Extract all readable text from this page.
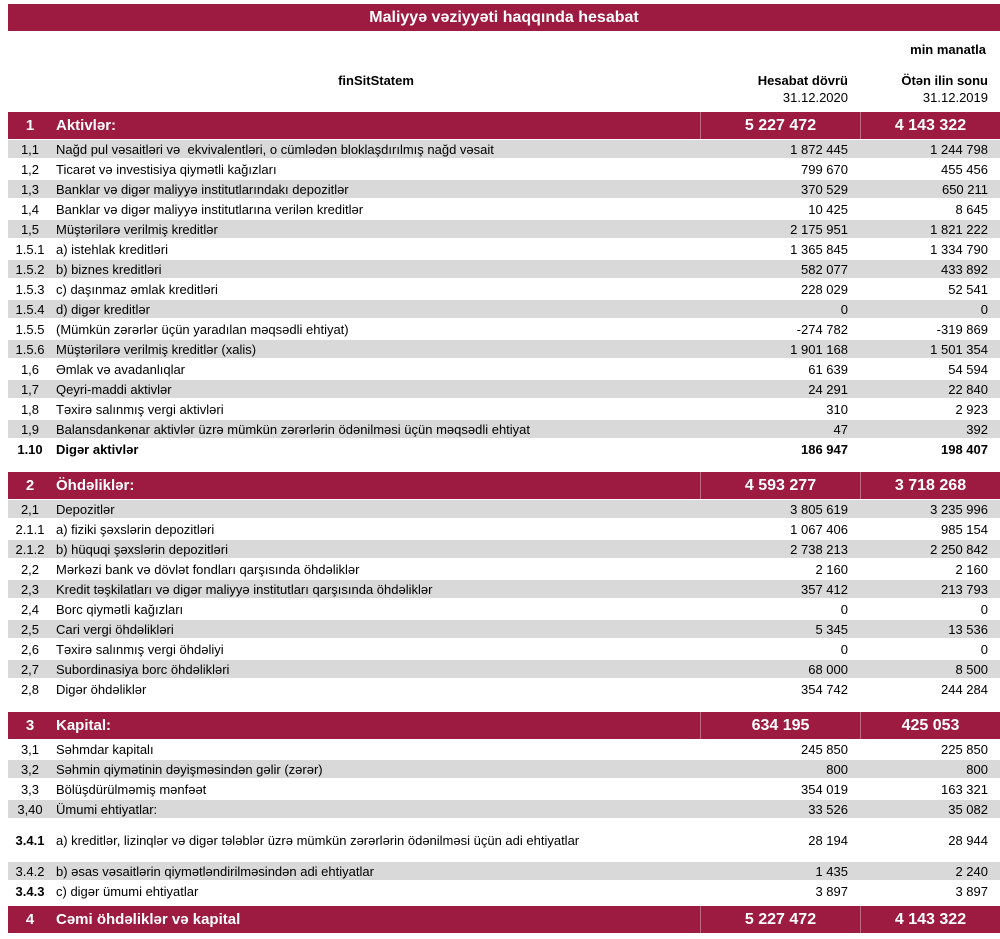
Maliyyə vəziyyəti haqqında hesabat
min manatla
finSitStatem	Hesabat dövrü
31.12.2020
Ötən ilin sonu
31.12.2019
1	Aktivlər:	5 227 472	4 143 322
1,1	Nağd pul vəsaitləri və  ekvivalentləri, o cümlədən bloklaşdırılmış nağd vəsait	1 872 445	1 244 798
1,2	Ticarət və investisiya qiymətli kağızları	799 670	455 456
1,3	Banklar və digər maliyyə institutlarındakı depozitlər	370 529	650 211
1,4	Banklar və digər maliyyə institutlarına verilən kreditlər	10 425	8 645
1,5	Müştərilərə verilmiş kreditlər	2 175 951	1 821 222
1.5.1 a) istehlak kreditləri	1 365 845	1 334 790
1.5.2 b) biznes kreditləri	582 077	433 892
1.5.3 c) daşınmaz əmlak kreditləri	228 029	52 541
1.5.4 d) digər kreditlər	0	0
1.5.5 (Mümkün zərərlər üçün yaradılan məqsədli ehtiyat)	-274 782	-319 869
1.5.6 Müştərilərə verilmiş kreditlər (xalis)	1 901 168	1 501 354
1,6	Əmlak və avadanlıqlar	61 639	54 594
1,7	Qeyri-maddi aktivlər	24 291	22 840
1,8	Təxirə salınmış vergi aktivləri	310	2 923
1,9	Balansdankənar aktivlər üzrə mümkün zərərlərin ödənilməsi üçün məqsədli ehtiyat	47	392
1.10	Digər aktivlər	186 947	198 407
2	Öhdəliklər:	4 593 277	3 718 268
2,1	Depozitlər	3 805 619	3 235 996
2.1.1 a) fiziki şəxslərin depozitləri	1 067 406	985 154
2.1.2 b) hüquqi şəxslərin depozitləri	2 738 213	2 250 842
2,2	Mərkəzi bank və dövlət fondları qarşısında öhdəliklər	2 160	2 160
2,3	Kredit təşkilatları və digər maliyyə institutları qarşısında öhdəliklər	357 412	213 793
2,4	Borc qiymətli kağızları	0	0
2,5	Cari vergi öhdəlikləri	5 345	13 536
2,6	Təxirə salınmış vergi öhdəliyi	0	0
2,7	Subordinasiya borc öhdəlikləri	68 000	8 500
2,8	Digər öhdəliklər	354 742	244 284
3	Kapital:	634 195	425 053
3,1	Səhmdar kapitalı	245 850	225 850
3,2	Səhmin qiymətinin dəyişməsindən gəlir (zərər)	800	800
3,3	Bölüşdürülməmiş mənfəət	354 019	163 321
3,40	Ümumi ehtiyatlar:	33 526	35 082
3.4.1 a) kreditlər, lizinqlər və digər tələblər üzrə mümkün zərərlərin ödənilməsi üçün adi ehtiyatlar	28 194	28 944
3.4.2 b) əsas vəsaitlərin qiymətləndirilməsindən adi ehtiyatlar	1 435	2 240
3.4.3 c) digər ümumi ehtiyatlar	3 897	3 897
4	Cəmi öhdəliklər və kapital	5 227 472	4 143 322
